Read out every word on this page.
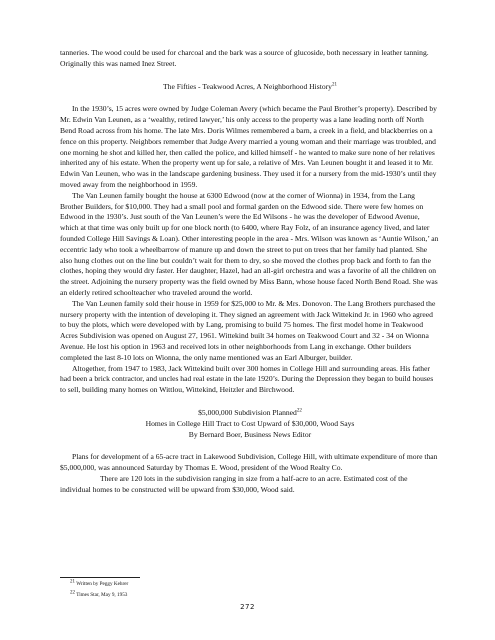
tanneries. The wood could be used for charcoal and the bark was a source of glucoside, both necessary in leather tanning. Originally this was named Inez Street.

The Fifties - Teakwood Acres, A Neighborhood History$^{21}$

In the 1930’s, 15 acres were owned by Judge Coleman Avery (which became the Paul Brother’s property). Described by Mr. Edwin Van Leunen, as a ‘wealthy, retired lawyer,’ his only access to the property was a lane leading north off North Bend Road across from his home. The late Mrs. Doris Wilmes remembered a barn, a creek in a field, and blackberries on a fence on this property. Neighbors remember that Judge Avery married a young woman and their marriage was troubled, and one morning he shot and killed her, then called the police, and killed himself - he wanted to make sure none of her relatives inherited any of his estate. When the property went up for sale, a relative of Mrs. Van Leunen bought it and leased it to Mr. Edwin Van Leunen, who was in the landscape gardening business. They used it for a nursery from the mid-1930’s until they moved away from the neighborhood in 1959.

The Van Leunen family bought the house at 6300 Edwood (now at the corner of Wionna) in 1934, from the Lang Brother Builders, for $10,000. They had a small pool and formal garden on the Edwood side. There were few homes on Edwood in the 1930’s. Just south of the Van Leunen’s were the Ed Wilsons - he was the developer of Edwood Avenue, which at that time was only built up for one block north (to 6400, where Ray Folz, of an insurance agency lived, and later founded College Hill Savings & Loan). Other interesting people in the area - Mrs. Wilson was known as ‘Auntie Wilson,’ an eccentric lady who took a wheelbarrow of manure up and down the street to put on trees that her family had planted. She also hung clothes out on the line but couldn’t wait for them to dry, so she moved the clothes prop back and forth to fan the clothes, hoping they would dry faster. Her daughter, Hazel, had an all-girl orchestra and was a favorite of all the children on the street. Adjoining the nursery property was the field owned by Miss Bann, whose house faced North Bend Road. She was an elderly retired schoolteacher who traveled around the world.

The Van Leunen family sold their house in 1959 for $25,000 to Mr. & Mrs. Donovon. The Lang Brothers purchased the nursery property with the intention of developing it. They signed an agreement with Jack Wittekind Jr. in 1960 who agreed to buy the plots, which were developed with by Lang, promising to build 75 homes. The first model home in Teakwood Acres Subdivision was opened on August 27, 1961. Wittekind built 34 homes on Teakwood Court and 32 - 34 on Wionna Avenue. He lost his option in 1963 and received lots in other neighborhoods from Lang in exchange. Other builders completed the last 8-10 lots on Wionna, the only name mentioned was an Earl Alburger, builder.

Altogether, from 1947 to 1983, Jack Wittekind built over 300 homes in College Hill and surrounding areas. His father had been a brick contractor, and uncles had real estate in the late 1920’s. During the Depression they began to build houses to sell, building many homes on Wittlou, Wittekind, Heitzler and Birchwood.

$5,000,000 Subdivision Planned$^{22}$

Homes in College Hill Tract to Cost Upward of $30,000, Wood Says

By Bernard Boer, Business News Editor

Plans for development of a 65-acre tract in Lakewood Subdivision, College Hill, with ultimate expenditure of more than $5,000,000, was announced Saturday by Thomas E. Wood, president of the Wood Realty Co.

There are 120 lots in the subdivision ranging in size from a half-acre to an acre. Estimated cost of the individual homes to be constructed will be upward from $30,000, Wood said.

$^{21}$ Written by Peggy Kehrer
$^{22}$ Times Star, May 9, 1953
272
